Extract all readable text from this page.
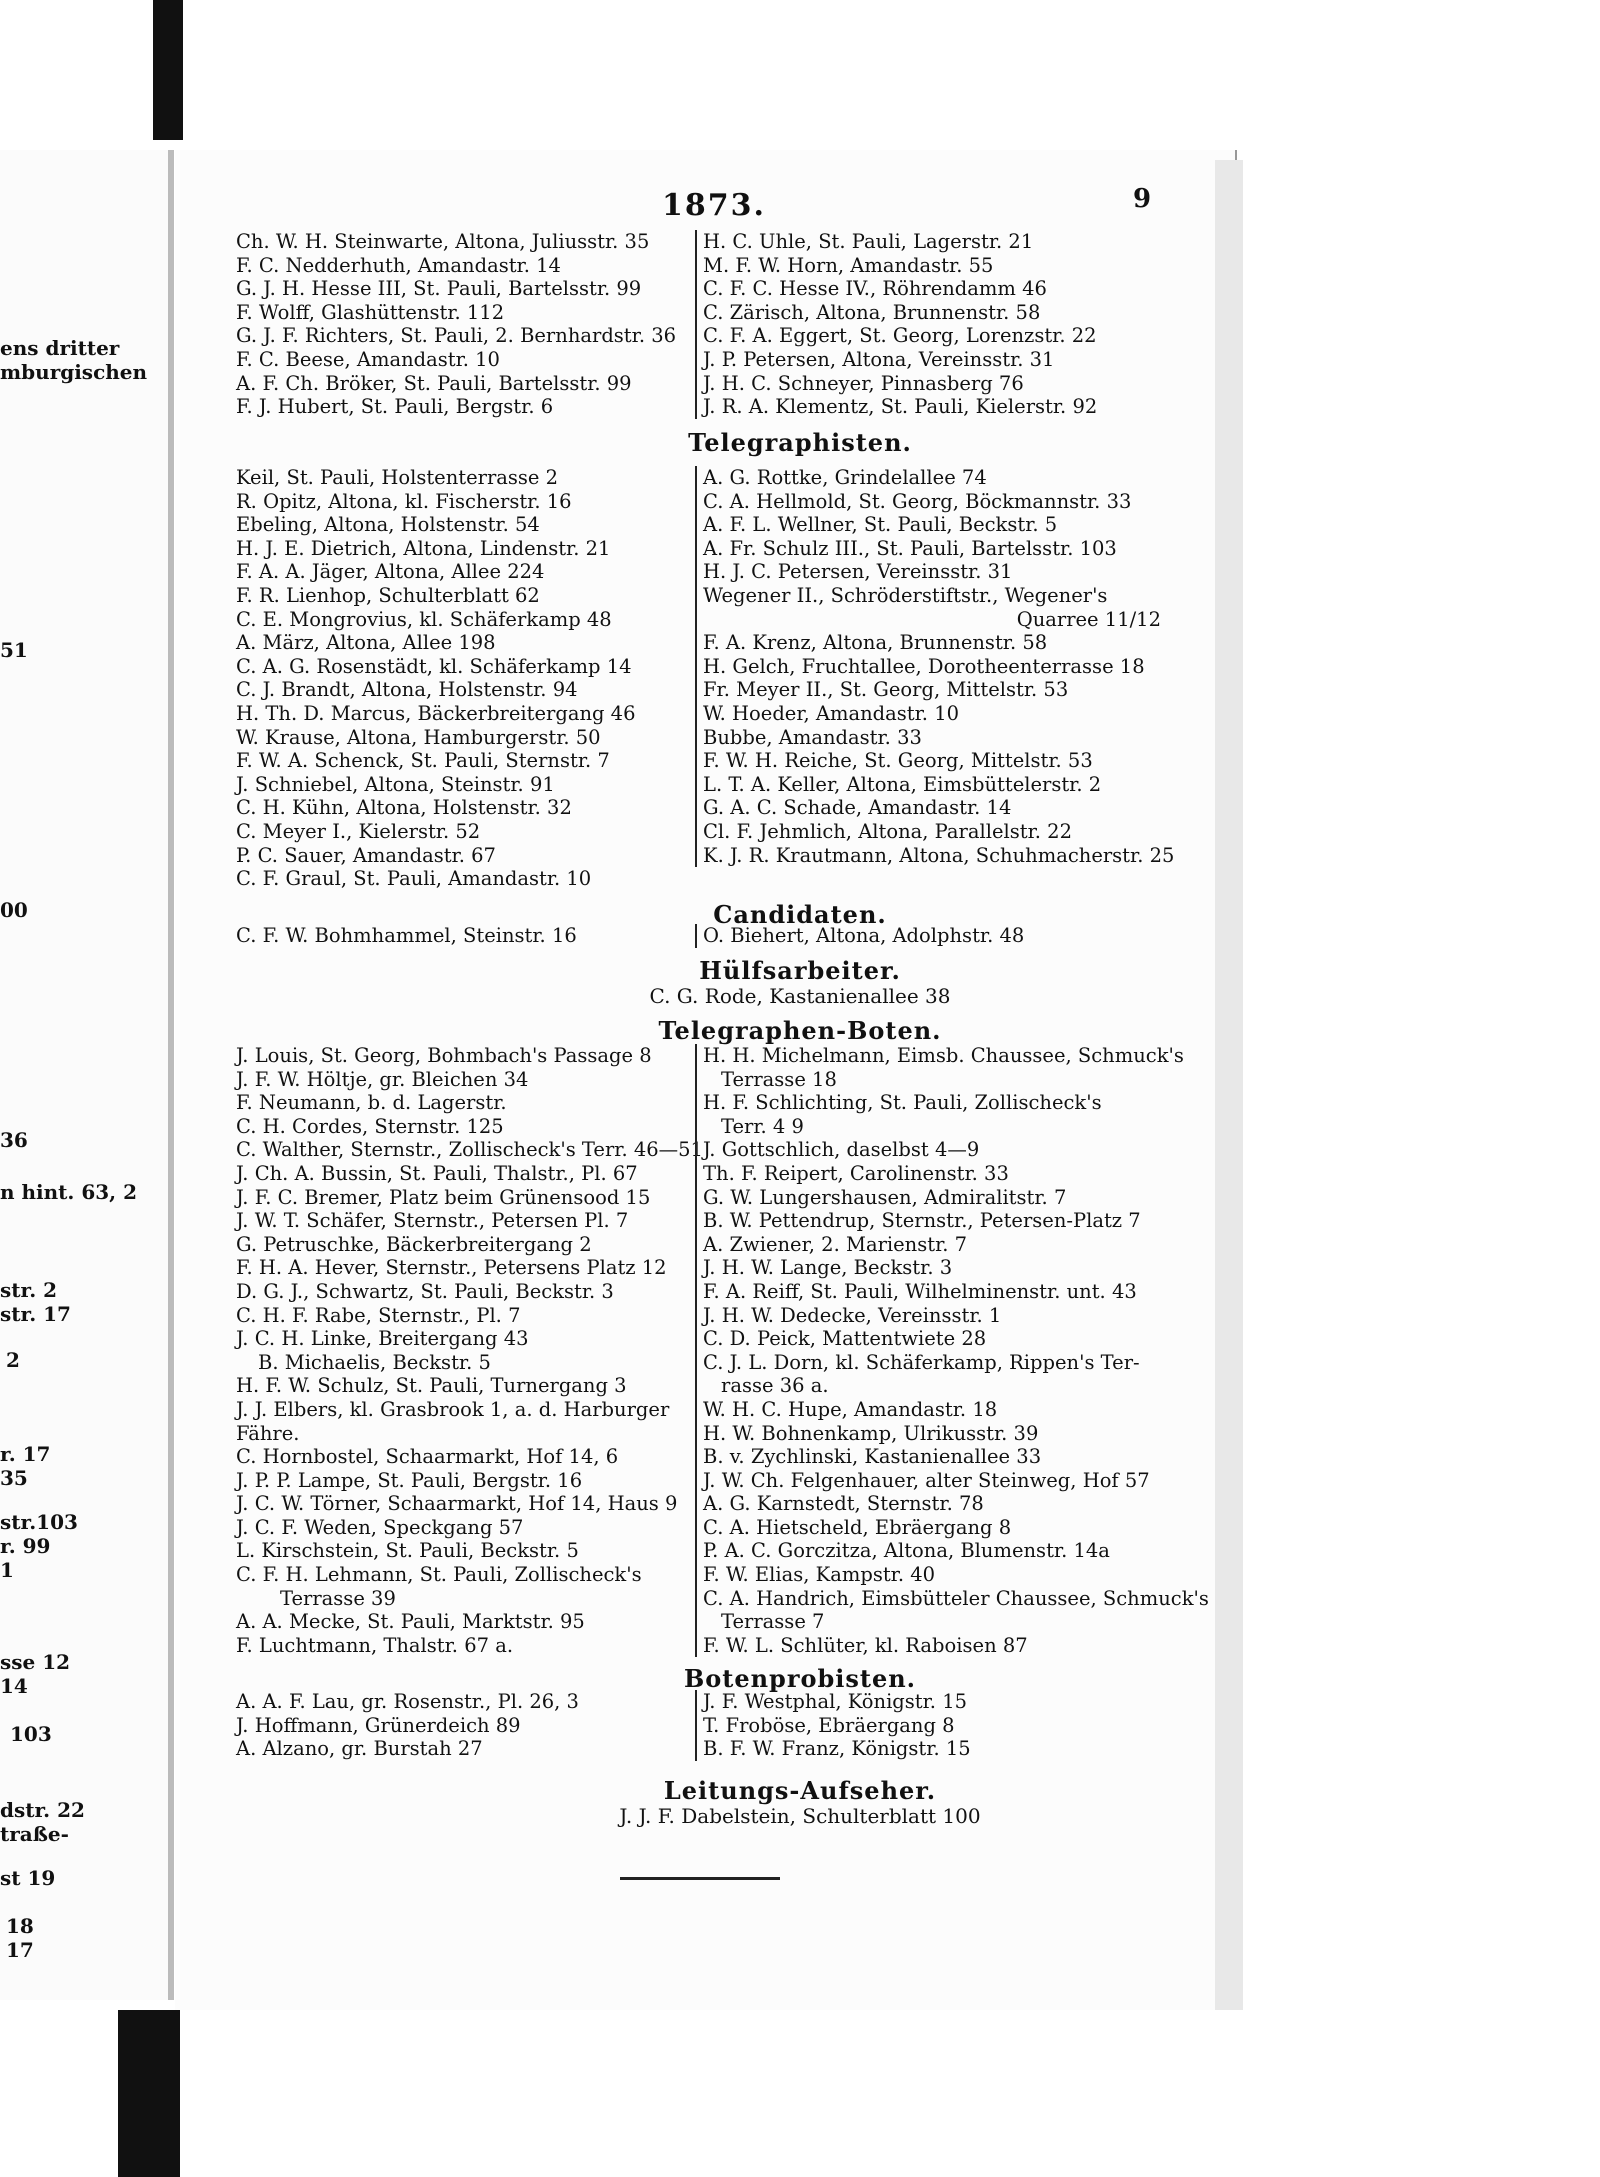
ens dritter
mburgischen
51
00
36
n hint. 63, 2
str. 2
str. 17
2
r. 17
35
str.103
r. 99
1
sse 12
14
103
dstr. 22
traße-
st 19
18
17
1873.	9
Ch. W. H. Steinwarte, Altona, Juliusstr. 35
F. C. Nedderhuth, Amandastr. 14
G. J. H. Hesse III, St. Pauli, Bartelsstr. 99
F. Wolff, Glashüttenstr. 112
G. J. F. Richters, St. Pauli, 2. Bernhardstr. 36
F. C. Beese, Amandastr. 10
A. F. Ch. Bröker, St. Pauli, Bartelsstr. 99
F. J. Hubert, St. Pauli, Bergstr. 6
H. C. Uhle, St. Pauli, Lagerstr. 21
M. F. W. Horn, Amandastr. 55
C. F. C. Hesse IV., Röhrendamm 46
C. Zärisch, Altona, Brunnenstr. 58
C. F. A. Eggert, St. Georg, Lorenzstr. 22
J. P. Petersen, Altona, Vereinsstr. 31
J. H. C. Schneyer, Pinnasberg 76
J. R. A. Klementz, St. Pauli, Kielerstr. 92
Telegraphisten.
Keil, St. Pauli, Holstenterrasse 2
R. Opitz, Altona, kl. Fischerstr. 16
Ebeling, Altona, Holstenstr. 54
H. J. E. Dietrich, Altona, Lindenstr. 21
F. A. A. Jäger, Altona, Allee 224
F. R. Lienhop, Schulterblatt 62
C. E. Mongrovius, kl. Schäferkamp 48
A. März, Altona, Allee 198
C. A. G. Rosenstädt, kl. Schäferkamp 14
C. J. Brandt, Altona, Holstenstr. 94
H. Th. D. Marcus, Bäckerbreitergang 46
W. Krause, Altona, Hamburgerstr. 50
F. W. A. Schenck, St. Pauli, Sternstr. 7
J. Schniebel, Altona, Steinstr. 91
C. H. Kühn, Altona, Holstenstr. 32
C. Meyer I., Kielerstr. 52
P. C. Sauer, Amandastr. 67
C. F. Graul, St. Pauli, Amandastr. 10
A. G. Rottke, Grindelallee 74
C. A. Hellmold, St. Georg, Böckmannstr. 33
A. F. L. Wellner, St. Pauli, Beckstr. 5
A. Fr. Schulz III., St. Pauli, Bartelsstr. 103
H. J. C. Petersen, Vereinsstr. 31
Wegener II., Schröderstiftstr., Wegener's
Quarree 11/12
F. A. Krenz, Altona, Brunnenstr. 58
H. Gelch, Fruchtallee, Dorotheenterrasse 18
Fr. Meyer II., St. Georg, Mittelstr. 53
W. Hoeder, Amandastr. 10
Bubbe, Amandastr. 33
F. W. H. Reiche, St. Georg, Mittelstr. 53
L. T. A. Keller, Altona, Eimsbüttelerstr. 2
G. A. C. Schade, Amandastr. 14
Cl. F. Jehmlich, Altona, Parallelstr. 22
K. J. R. Krautmann, Altona, Schuhmacherstr. 25
Candidaten.
C. F. W. Bohmhammel, Steinstr. 16	O. Biehert, Altona, Adolphstr. 48
Hülfsarbeiter.
C. G. Rode, Kastanienallee 38
Telegraphen-Boten.
J. Louis, St. Georg, Bohmbach's Passage 8
J. F. W. Höltje, gr. Bleichen 34
F. Neumann, b. d. Lagerstr.
C. H. Cordes, Sternstr. 125
C. Walther, Sternstr., Zollischeck's Terr. 46—51
J. Ch. A. Bussin, St. Pauli, Thalstr., Pl. 67
J. F. C. Bremer, Platz beim Grünensood 15
J. W. T. Schäfer, Sternstr., Petersen Pl. 7
G. Petruschke, Bäckerbreitergang 2
F. H. A. Hever, Sternstr., Petersens Platz 12
D. G. J., Schwartz, St. Pauli, Beckstr. 3
C. H. F. Rabe, Sternstr., Pl. 7
J. C. H. Linke, Breitergang 43
B. Michaelis, Beckstr. 5
H. F. W. Schulz, St. Pauli, Turnergang 3
J. J. Elbers, kl. Grasbrook 1, a. d. Harburger
Fähre.
C. Hornbostel, Schaarmarkt, Hof 14, 6
J. P. P. Lampe, St. Pauli, Bergstr. 16
J. C. W. Törner, Schaarmarkt, Hof 14, Haus 9
J. C. F. Weden, Speckgang 57
L. Kirschstein, St. Pauli, Beckstr. 5
C. F. H. Lehmann, St. Pauli, Zollischeck's
Terrasse 39
A. A. Mecke, St. Pauli, Marktstr. 95
F. Luchtmann, Thalstr. 67 a.
H. H. Michelmann, Eimsb. Chaussee, Schmuck's
Terrasse 18
H. F. Schlichting, St. Pauli, Zollischeck's
Terr. 4 9
J. Gottschlich, daselbst 4—9
Th. F. Reipert, Carolinenstr. 33
G. W. Lungershausen, Admiralitstr. 7
B. W. Pettendrup, Sternstr., Petersen-Platz 7
A. Zwiener, 2. Marienstr. 7
J. H. W. Lange, Beckstr. 3
F. A. Reiff, St. Pauli, Wilhelminenstr. unt. 43
J. H. W. Dedecke, Vereinsstr. 1
C. D. Peick, Mattentwiete 28
C. J. L. Dorn, kl. Schäferkamp, Rippen's Ter-
rasse 36 a.
W. H. C. Hupe, Amandastr. 18
H. W. Bohnenkamp, Ulrikusstr. 39
B. v. Zychlinski, Kastanienallee 33
J. W. Ch. Felgenhauer, alter Steinweg, Hof 57
A. G. Karnstedt, Sternstr. 78
C. A. Hietscheld, Ebräergang 8
P. A. C. Gorczitza, Altona, Blumenstr. 14a
F. W. Elias, Kampstr. 40
C. A. Handrich, Eimsbütteler Chaussee, Schmuck's
Terrasse 7
F. W. L. Schlüter, kl. Raboisen 87
Botenprobisten.
A. A. F. Lau, gr. Rosenstr., Pl. 26, 3
J. Hoffmann, Grünerdeich 89
A. Alzano, gr. Burstah 27
J. F. Westphal, Königstr. 15
T. Froböse, Ebräergang 8
B. F. W. Franz, Königstr. 15
Leitungs-Aufseher.
J. J. F. Dabelstein, Schulterblatt 100
